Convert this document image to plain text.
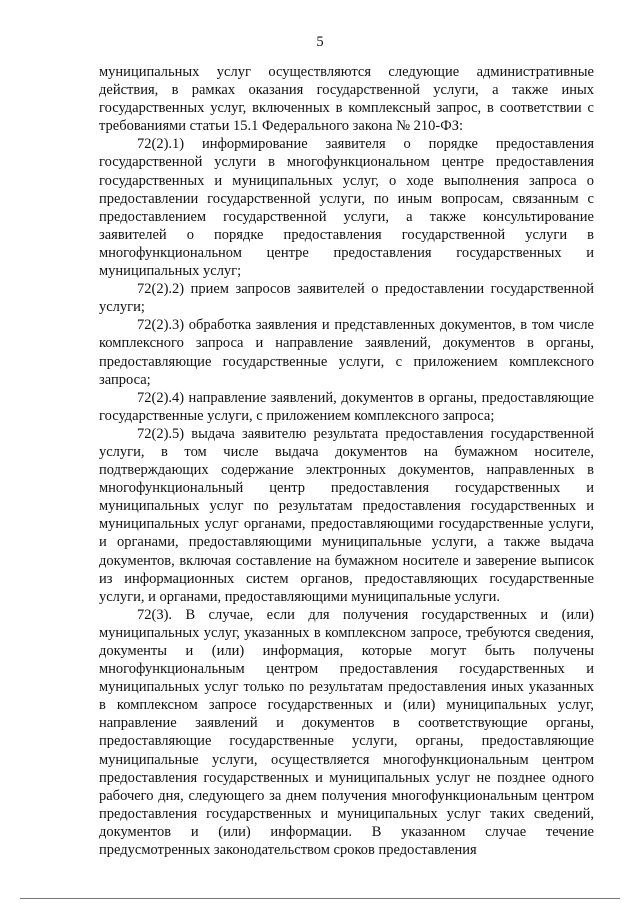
5

муниципальных услуг осуществляются следующие административные действия, в рамках оказания государственной услуги, а также иных государственных услуг, включенных в комплексный запрос, в соответствии с требованиями статьи 15.1 Федерального закона № 210-ФЗ:

72(2).1) информирование заявителя о порядке предоставления государственной услуги в многофункциональном центре предоставления государственных и муниципальных услуг, о ходе выполнения запроса о предоставлении государственной услуги, по иным вопросам, связанным с предоставлением государственной услуги, а также консультирование заявителей о порядке предоставления государственной услуги в многофункциональном центре предоставления государственных и муниципальных услуг;

72(2).2) прием запросов заявителей о предоставлении государственной услуги;

72(2).3) обработка заявления и представленных документов, в том числе комплексного запроса и направление заявлений, документов в органы, предоставляющие государственные услуги, с приложением комплексного запроса;

72(2).4) направление заявлений, документов в органы, предоставляющие государственные услуги, с приложением комплексного запроса;

72(2).5) выдача заявителю результата предоставления государственной услуги, в том числе выдача документов на бумажном носителе, подтверждающих содержание электронных документов, направленных в многофункциональный центр предоставления государственных и муниципальных услуг по результатам предоставления государственных и муниципальных услуг органами, предоставляющими государственные услуги, и органами, предоставляющими муниципальные услуги, а также выдача документов, включая составление на бумажном носителе и заверение выписок из информационных систем органов, предоставляющих государственные услуги, и органами, предоставляющими муниципальные услуги.

72(3). В случае, если для получения государственных и (или) муниципальных услуг, указанных в комплексном запросе, требуются сведения, документы и (или) информация, которые могут быть получены многофункциональным центром предоставления государственных и муниципальных услуг только по результатам предоставления иных указанных в комплексном запросе государственных и (или) муниципальных услуг, направление заявлений и документов в соответствующие органы, предоставляющие государственные услуги, органы, предоставляющие муниципальные услуги, осуществляется многофункциональным центром предоставления государственных и муниципальных услуг не позднее одного рабочего дня, следующего за днем получения многофункциональным центром предоставления государственных и муниципальных услуг таких сведений, документов и (или) информации. В указанном случае течение предусмотренных законодательством сроков предоставления
